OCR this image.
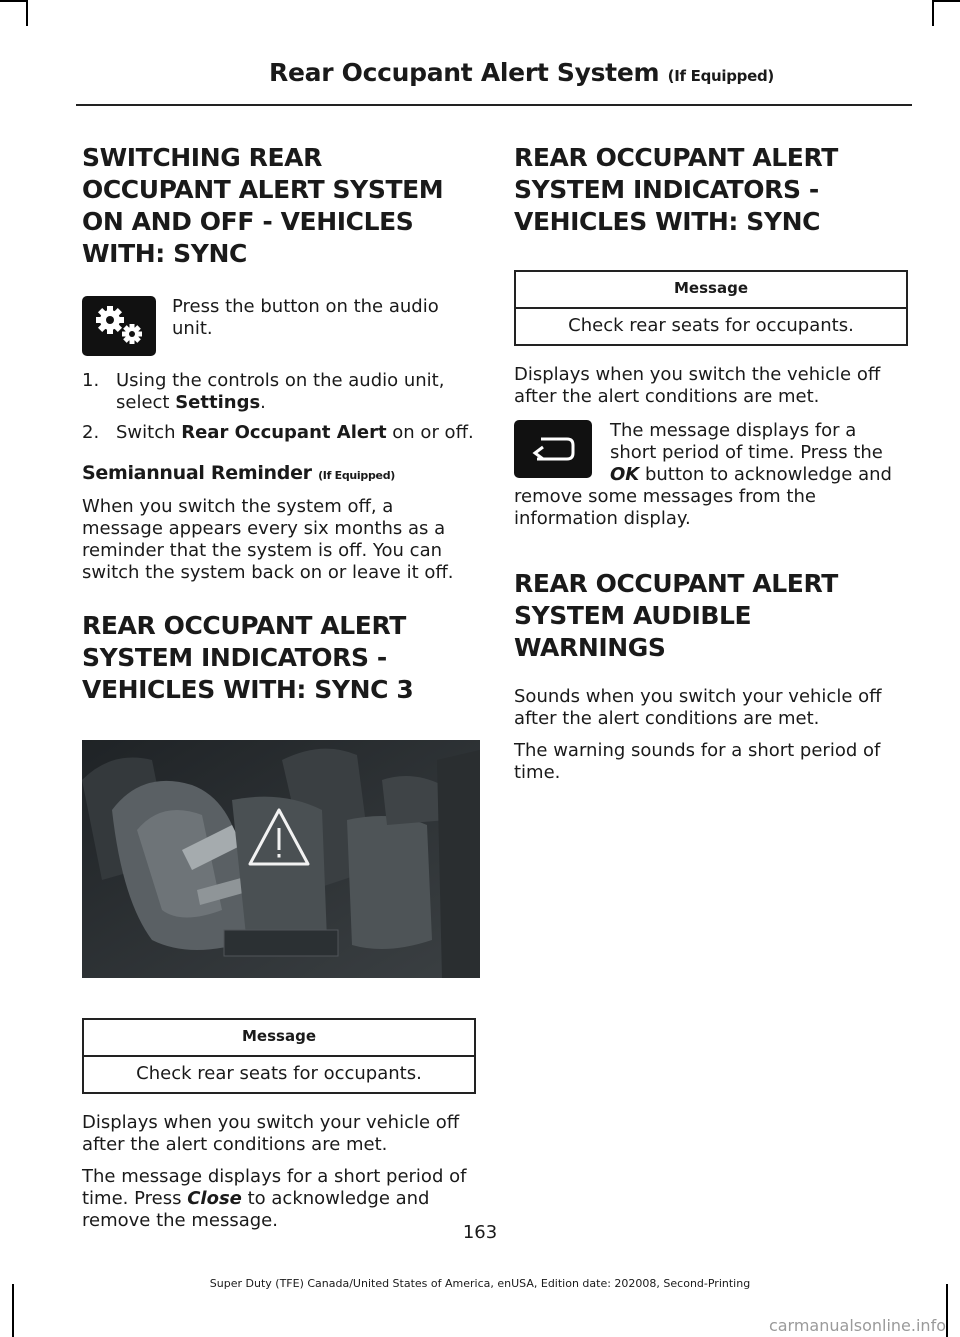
Rear Occupant Alert System (If Equipped)
SWITCHING REAR OCCUPANT ALERT SYSTEM ON AND OFF - VEHICLES WITH: SYNC

Press the button on the audio unit.

1. Using the controls on the audio unit, select Settings.
2. Switch Rear Occupant Alert on or off.
Semiannual Reminder (If Equipped)

When you switch the system off, a message appears every six months as a reminder that the system is off. You can switch the system back on or leave it off.

REAR OCCUPANT ALERT SYSTEM INDICATORS - VEHICLES WITH: SYNC 3
Message
Check rear seats for occupants.

Displays when you switch your vehicle off after the alert conditions are met.

The message displays for a short period of time. Press Close to acknowledge and remove the message.

REAR OCCUPANT ALERT SYSTEM INDICATORS - VEHICLES WITH: SYNC
Message
Check rear seats for occupants.

Displays when you switch the vehicle off after the alert conditions are met.

The message displays for a short period of time. Press the OK button to acknowledge and remove some messages from the information display.

REAR OCCUPANT ALERT SYSTEM AUDIBLE WARNINGS

Sounds when you switch your vehicle off after the alert conditions are met.

The warning sounds for a short period of time.

163
Super Duty (TFE) Canada/United States of America, enUSA, Edition date: 202008, Second-Printing
carmanualsonline.info
